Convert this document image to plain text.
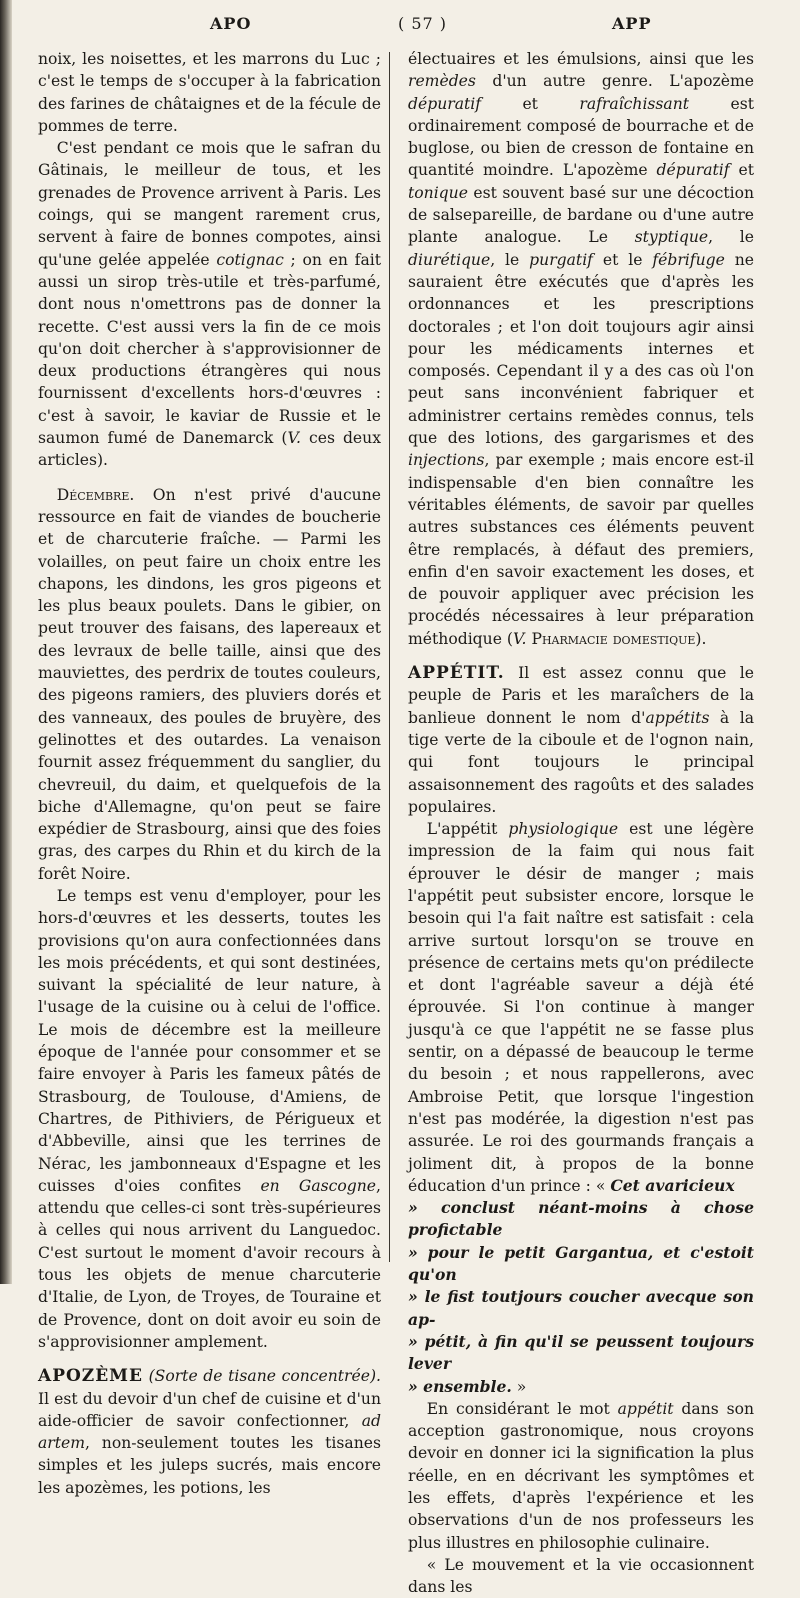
APO	( 57 )	APP

noix, les noisettes, et les marrons du Luc ; c'est le temps de s'occuper à la fabrication des farines de châtaignes et de la fécule de pommes de terre.

C'est pendant ce mois que le safran du Gâtinais, le meilleur de tous, et les grenades de Provence arrivent à Paris. Les coings, qui se mangent rarement crus, servent à faire de bonnes compotes, ainsi qu'une gelée appelée cotignac ; on en fait aussi un sirop très-utile et très-parfumé, dont nous n'omettrons pas de donner la recette. C'est aussi vers la fin de ce mois qu'on doit chercher à s'approvisionner de deux productions étrangères qui nous fournissent d'excellents hors-d'œuvres : c'est à savoir, le kaviar de Russie et le saumon fumé de Danemarck (V. ces deux articles).

Décembre. On n'est privé d'aucune ressource en fait de viandes de boucherie et de charcuterie fraîche. — Parmi les volailles, on peut faire un choix entre les chapons, les dindons, les gros pigeons et les plus beaux poulets. Dans le gibier, on peut trouver des faisans, des lapereaux et des levraux de belle taille, ainsi que des mauviettes, des perdrix de toutes couleurs, des pigeons ramiers, des pluviers dorés et des vanneaux, des poules de bruyère, des gelinottes et des outardes. La venaison fournit assez fréquemment du sanglier, du chevreuil, du daim, et quelquefois de la biche d'Allemagne, qu'on peut se faire expédier de Strasbourg, ainsi que des foies gras, des carpes du Rhin et du kirch de la forêt Noire.

Le temps est venu d'employer, pour les hors-d'œuvres et les desserts, toutes les provisions qu'on aura confectionnées dans les mois précédents, et qui sont destinées, suivant la spécialité de leur nature, à l'usage de la cuisine ou à celui de l'office. Le mois de décembre est la meilleure époque de l'année pour consommer et se faire envoyer à Paris les fameux pâtés de Strasbourg, de Toulouse, d'Amiens, de Chartres, de Pithiviers, de Périgueux et d'Abbeville, ainsi que les terrines de Nérac, les jambonneaux d'Espagne et les cuisses d'oies confites en Gascogne, attendu que celles-ci sont très-supérieures à celles qui nous arrivent du Languedoc. C'est surtout le moment d'avoir recours à tous les objets de menue charcuterie d'Italie, de Lyon, de Troyes, de Touraine et de Provence, dont on doit avoir eu soin de s'approvisionner amplement.

APOZÈME (Sorte de tisane concentrée). Il est du devoir d'un chef de cuisine et d'un aide-officier de savoir confectionner, ad artem, non-seulement toutes les tisanes simples et les juleps sucrés, mais encore les apozèmes, les potions, les

électuaires et les émulsions, ainsi que les remèdes d'un autre genre. L'apozème dépuratif et rafraîchissant est ordinairement composé de bourrache et de buglose, ou bien de cresson de fontaine en quantité moindre. L'apozème dépuratif et tonique est souvent basé sur une décoction de salsepareille, de bardane ou d'une autre plante analogue. Le styptique, le diurétique, le purgatif et le fébrifuge ne sauraient être exécutés que d'après les ordonnances et les prescriptions doctorales ; et l'on doit toujours agir ainsi pour les médicaments internes et composés. Cependant il y a des cas où l'on peut sans inconvénient fabriquer et administrer certains remèdes connus, tels que des lotions, des gargarismes et des injections, par exemple ; mais encore est-il indispensable d'en bien connaître les véritables éléments, de savoir par quelles autres substances ces éléments peuvent être remplacés, à défaut des premiers, enfin d'en savoir exactement les doses, et de pouvoir appliquer avec précision les procédés nécessaires à leur préparation méthodique (V. Pharmacie domestique).

APPÉTIT. Il est assez connu que le peuple de Paris et les maraîchers de la banlieue donnent le nom d'appétits à la tige verte de la ciboule et de l'ognon nain, qui font toujours le principal assaisonnement des ragoûts et des salades populaires.

L'appétit physiologique est une légère impression de la faim qui nous fait éprouver le désir de manger ; mais l'appétit peut subsister encore, lorsque le besoin qui l'a fait naître est satisfait : cela arrive surtout lorsqu'on se trouve en présence de certains mets qu'on prédilecte et dont l'agréable saveur a déjà été éprouvée. Si l'on continue à manger jusqu'à ce que l'appétit ne se fasse plus sentir, on a dépassé de beaucoup le terme du besoin ; et nous rappellerons, avec Ambroise Petit, que lorsque l'ingestion n'est pas modérée, la digestion n'est pas assurée. Le roi des gourmands français a joliment dit, à propos de la bonne éducation d'un prince : « Cet avaricieux

» conclust néant-moins à chose profictable

» pour le petit Gargantua, et c'estoit qu'on

» le fist toutjours coucher avecque son ap-

» pétit, à fin qu'il se peussent toujours lever

» ensemble. »

En considérant le mot appétit dans son acception gastronomique, nous croyons devoir en donner ici la signification la plus réelle, en en décrivant les symptômes et les effets, d'après l'expérience et les observations d'un de nos professeurs les plus illustres en philosophie culinaire.

« Le mouvement et la vie occasionnent dans les
